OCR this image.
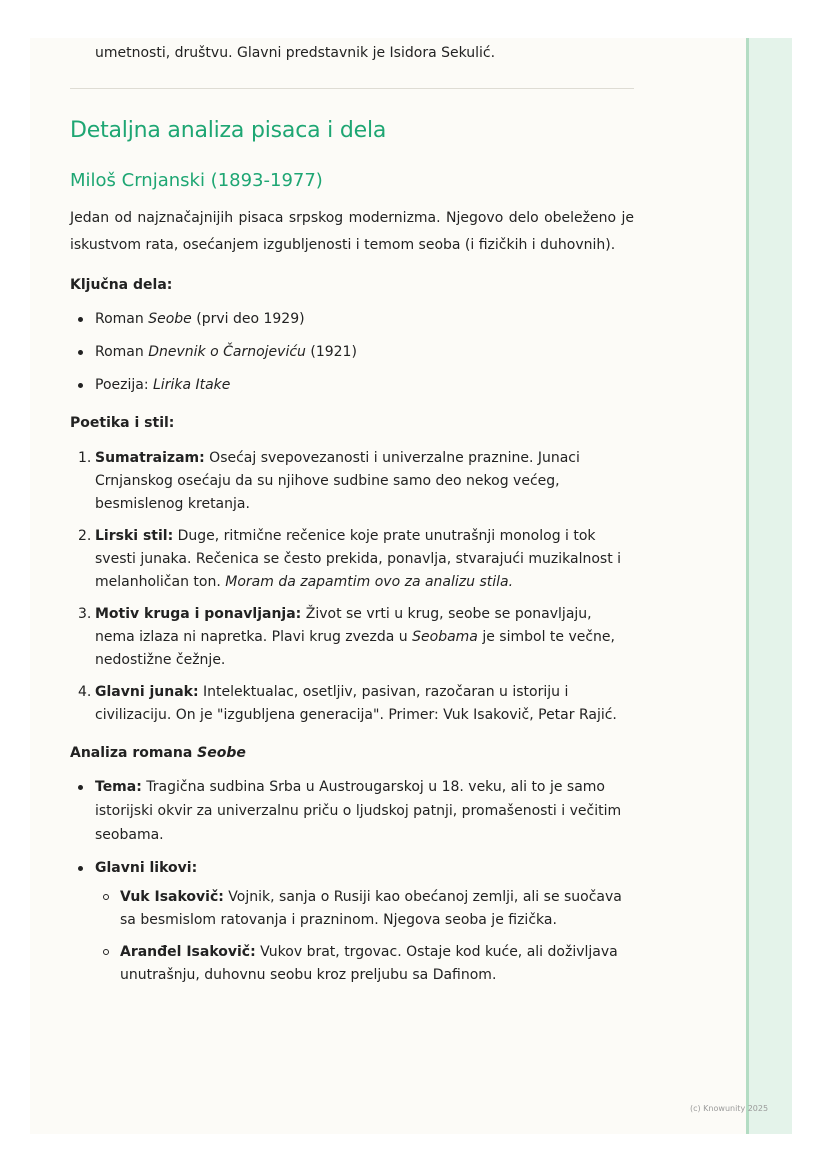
umetnosti, društvu. Glavni predstavnik je Isidora Sekulić.

Detaljna analiza pisaca i dela
Miloš Crnjanski (1893-1977)

Jedan od najznačajnijih pisaca srpskog modernizma. Njegovo delo obeleženo je iskustvom rata, osećanjem izgubljenosti i temom seoba (i fizičkih i duhovnih).

Ključna dela:
Roman Seobe (prvi deo 1929)
Roman Dnevnik o Čarnojeviću (1921)
Poezija: Lirika Itake
Poetika i stil:
1. Sumatraizam: Osećaj svepovezanosti i univerzalne praznine. Junaci Crnjanskog osećaju da su njihove sudbine samo deo nekog većeg, besmislenog kretanja.
2. Lirski stil: Duge, ritmične rečenice koje prate unutrašnji monolog i tok svesti junaka. Rečenica se često prekida, ponavlja, stvarajući muzikalnost i melanholičan ton. Moram da zapamtim ovo za analizu stila.
3. Motiv kruga i ponavljanja: Život se vrti u krug, seobe se ponavljaju, nema izlaza ni napretka. Plavi krug zvezda u Seobama je simbol te večne, nedostižne čežnje.
4. Glavni junak: Intelektualac, osetljiv, pasivan, razočaran u istoriju i civilizaciju. On je "izgubljena generacija". Primer: Vuk Isakovič, Petar Rajić.
Analiza romana Seobe
Tema: Tragična sudbina Srba u Austrougarskoj u 18. veku, ali to je samo istorijski okvir za univerzalnu priču o ljudskoj patnji, promašenosti i večitim seobama.
Glavni likovi:
Vuk Isakovič: Vojnik, sanja o Rusiji kao obećanoj zemlji, ali se suočava sa besmislom ratovanja i prazninom. Njegova seoba je fizička.
Aranđel Isakovič: Vukov brat, trgovac. Ostaje kod kuće, ali doživljava unutrašnju, duhovnu seobu kroz preljubu sa Dafinom.
(c) Knowunity 2025
